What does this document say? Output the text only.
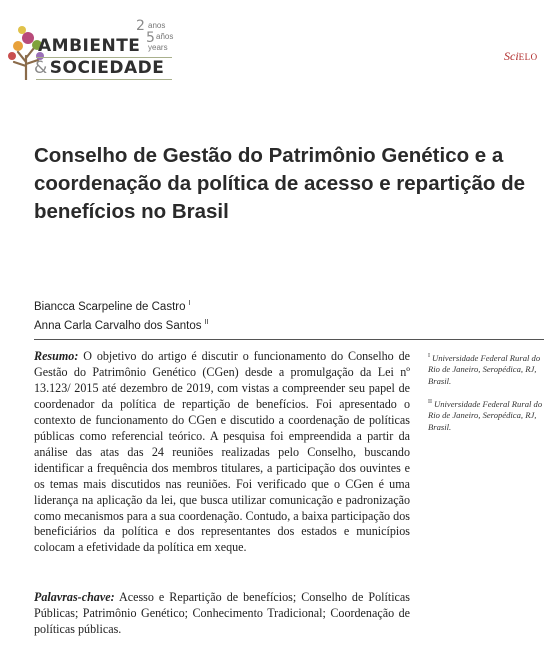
AMBIENTE
& SOCIEDADE
2
5
anos
años
years
SciELO
Conselho de Gestão do Patrimônio Genético e a coordenação da política de acesso e repartição de benefícios no Brasil
Biancca Scarpeline de Castro $^I$
Anna Carla Carvalho dos Santos $^{II}$

Resumo: O objetivo do artigo é discutir o funcionamento do Conselho de Gestão do Patrimônio Genético (CGen) desde a promulgação da Lei nº 13.123/ 2015 até dezembro de 2019, com vistas a compreender seu papel de coordenador da política de repartição de benefícios. Foi apresentado o contexto de funcionamento do CGen e discutido a coordenação de políticas públicas como referencial teórico. A pesquisa foi empreendida a partir da análise das atas das 24 reuniões realizadas pelo Conselho, buscando identificar a frequência dos membros titulares, a participação dos ouvintes e os temas mais discutidos nas reuniões. Foi verificado que o CGen é uma liderança na aplicação da lei, que busca utilizar comunicação e padronização como mecanismos para a sua coordenação. Contudo, a baixa participação dos beneficiários da política e dos representantes dos estados e municípios colocam a efetividade da política em xeque.

Palavras-chave: Acesso e Repartição de benefícios; Conselho de Políticas Públicas; Patrimônio Genético; Conhecimento Tradicional; Coordenação de políticas públicas.

$^I$ Universidade Federal Rural do Rio de Janeiro, Seropédica, RJ, Brasil.

$^{II}$ Universidade Federal Rural do Rio de Janeiro, Seropédica, RJ, Brasil.
